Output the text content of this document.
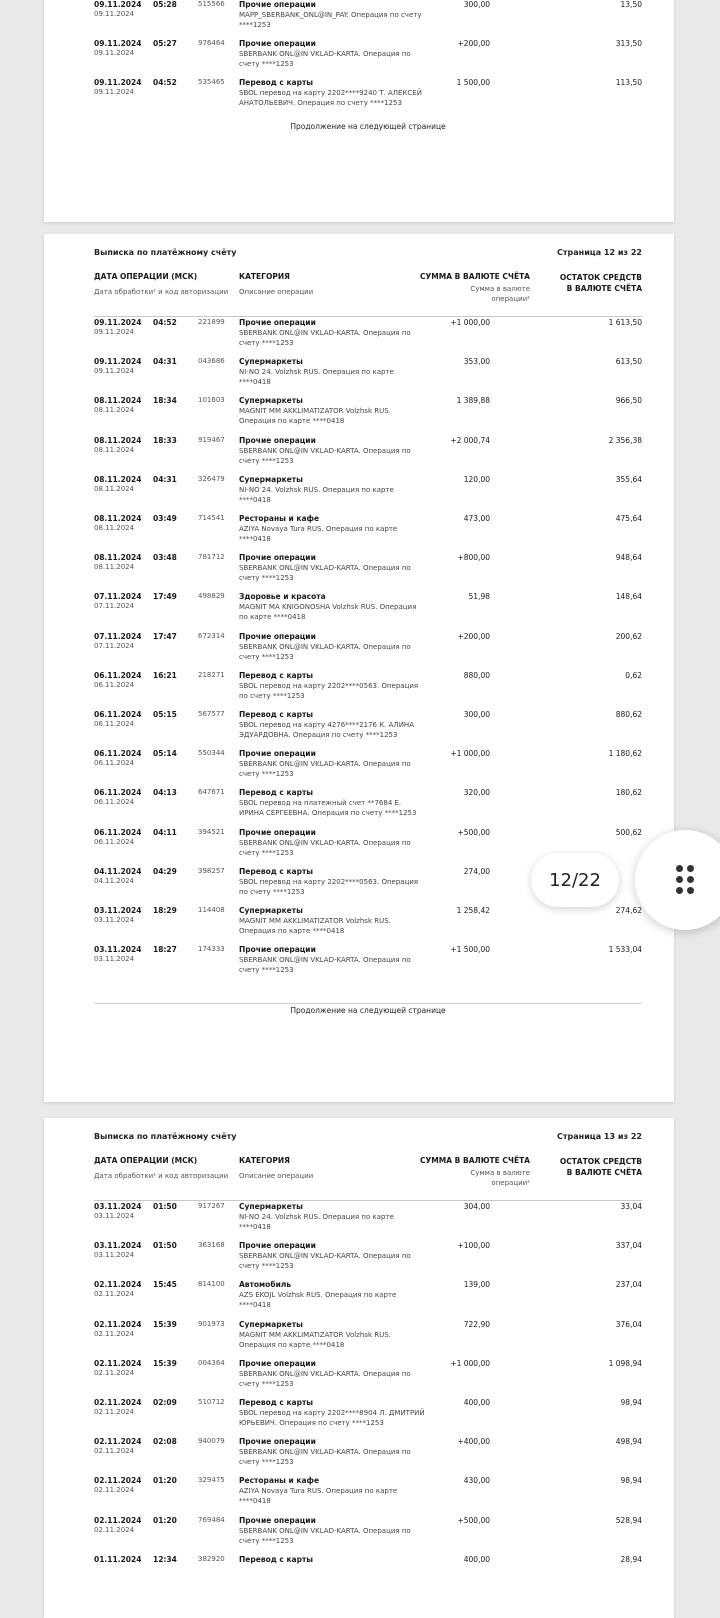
09.11.2024
09.11.2024
05:28	515566 Прочие операции
MAPP_SBERBANK_ONL@IN_PAY. Операция по счету ****1253
300,00	13,50
09.11.2024
09.11.2024
05:27	976464 Прочие операции
SBERBANK ONL@IN VKLAD-KARTA. Операция по счету ****1253
+200,00	313,50
09.11.2024
09.11.2024
04:52	535465 Перевод с карты
SBOL перевод на карту 2202****9240 Т. АЛЕКСЕЙ АНАТОЛЬЕВИЧ. Операция по счету ****1253
1 500,00	113,50
Продолжение на следующей странице
Выписка по платёжному счёту	Страница 12 из 22
ДАТА ОПЕРАЦИИ (МСК)
Дата обработки¹ и код авторизации
КАТЕГОРИЯ
Описание операции
СУММА В ВАЛЮТЕ СЧЁТА
Сумма в валюте операции²
ОСТАТОК СРЕДСТВ В ВАЛЮТЕ СЧЁТА
09.11.2024
09.11.2024
04:52	221899 Прочие операции
SBERBANK ONL@IN VKLAD-KARTA. Операция по счету ****1253
+1 000,00	1 613,50
09.11.2024
09.11.2024
04:31	043686 Супермаркеты
NI-NO 24. Volzhsk RUS. Операция по карте ****0418
353,00	613,50
08.11.2024
08.11.2024
18:34	101603 Супермаркеты
MAGNIT MM AKKLIMATIZATOR Volzhsk RUS. Операция по карте ****0418
1 389,88	966,50
08.11.2024
08.11.2024
18:33	919467 Прочие операции
SBERBANK ONL@IN VKLAD-KARTA. Операция по счету ****1253
+2 000,74	2 356,38
08.11.2024
08.11.2024
04:31	326479 Супермаркеты
NI-NO 24. Volzhsk RUS. Операция по карте ****0418
120,00	355,64
08.11.2024
08.11.2024
03:49	714541 Рестораны и кафе
AZIYA Novaya Tura RUS. Операция по карте ****0418
473,00	475,64
08.11.2024
08.11.2024
03:48	781712 Прочие операции
SBERBANK ONL@IN VKLAD-KARTA. Операция по счету ****1253
+800,00	948,64
07.11.2024
07.11.2024
17:49	498829 Здоровье и красота
MAGNIT MA KNIGONOSHA Volzhsk RUS. Операция по карте ****0418
51,98	148,64
07.11.2024
07.11.2024
17:47	672314 Прочие операции
SBERBANK ONL@IN VKLAD-KARTA. Операция по счету ****1253
+200,00	200,62
06.11.2024
06.11.2024
16:21	218271 Перевод с карты
SBOL перевод на карту 2202****0563. Операция по счету ****1253
880,00	0,62
06.11.2024
06.11.2024
05:15	567577 Перевод с карты
SBOL перевод на карту 4276****2176 К. АЛИНА ЭДУАРДОВНА. Операция по счету ****1253
300,00	880,62
06.11.2024
06.11.2024
05:14	550344 Прочие операции
SBERBANK ONL@IN VKLAD-KARTA. Операция по счету ****1253
+1 000,00	1 180,62
06.11.2024
06.11.2024
04:13	647671 Перевод с карты
SBOL перевод на платежный счет **7684 Е. ИРИНА СЕРГЕЕВНА. Операция по счету ****1253
320,00	180,62
06.11.2024
06.11.2024
04:11	394521 Прочие операции
SBERBANK ONL@IN VKLAD-KARTA. Операция по счету ****1253
+500,00	500,62
04.11.2024
04.11.2024
04:29	398257 Перевод с карты
SBOL перевод на карту 2202****0563. Операция по счету ****1253
274,00
03.11.2024
03.11.2024
18:29	114408 Супермаркеты
MAGNIT MM AKKLIMATIZATOR Volzhsk RUS. Операция по карте ****0418
1 258,42	274,62
03.11.2024
03.11.2024
18:27	174333 Прочие операции
SBERBANK ONL@IN VKLAD-KARTA. Операция по счету ****1253
+1 500,00	1 533,04
Продолжение на следующей странице
Выписка по платёжному счёту	Страница 13 из 22
ДАТА ОПЕРАЦИИ (МСК)
Дата обработки¹ и код авторизации
КАТЕГОРИЯ
Описание операции
СУММА В ВАЛЮТЕ СЧЁТА
Сумма в валюте операции²
ОСТАТОК СРЕДСТВ В ВАЛЮТЕ СЧЁТА
03.11.2024
03.11.2024
01:50	917267 Супермаркеты
NI-NO 24. Volzhsk RUS. Операция по карте ****0418
304,00	33,04
03.11.2024
03.11.2024
01:50	363168 Прочие операции
SBERBANK ONL@IN VKLAD-KARTA. Операция по счету ****1253
+100,00	337,04
02.11.2024
02.11.2024
15:45	814100 Автомобиль
AZS EKOJL Volzhsk RUS. Операция по карте ****0418
139,00	237,04
02.11.2024
02.11.2024
15:39	901973 Супермаркеты
MAGNIT MM AKKLIMATIZATOR Volzhsk RUS. Операция по карте ****0418
722,90	376,04
02.11.2024
02.11.2024
15:39	004364 Прочие операции
SBERBANK ONL@IN VKLAD-KARTA. Операция по счету ****1253
+1 000,00	1 098,94
02.11.2024
02.11.2024
02:09	510712 Перевод с карты
SBOL перевод на карту 2202****8904 Л. ДМИТРИЙ ЮРЬЕВИЧ. Операция по счету ****1253
400,00	98,94
02.11.2024
02.11.2024
02:08	940079 Прочие операции
SBERBANK ONL@IN VKLAD-KARTA. Операция по счету ****1253
+400,00	498,94
02.11.2024
02.11.2024
01:20	329475 Рестораны и кафе
AZIYA Novaya Tura RUS. Операция по карте ****0418
430,00	98,94
02.11.2024
02.11.2024
01:20	769484 Прочие операции
SBERBANK ONL@IN VKLAD-KARTA. Операция по счету ****1253
+500,00	528,94
01.11.2024 12:34	382920 Перевод с карты	400,00	28,94
12/22
